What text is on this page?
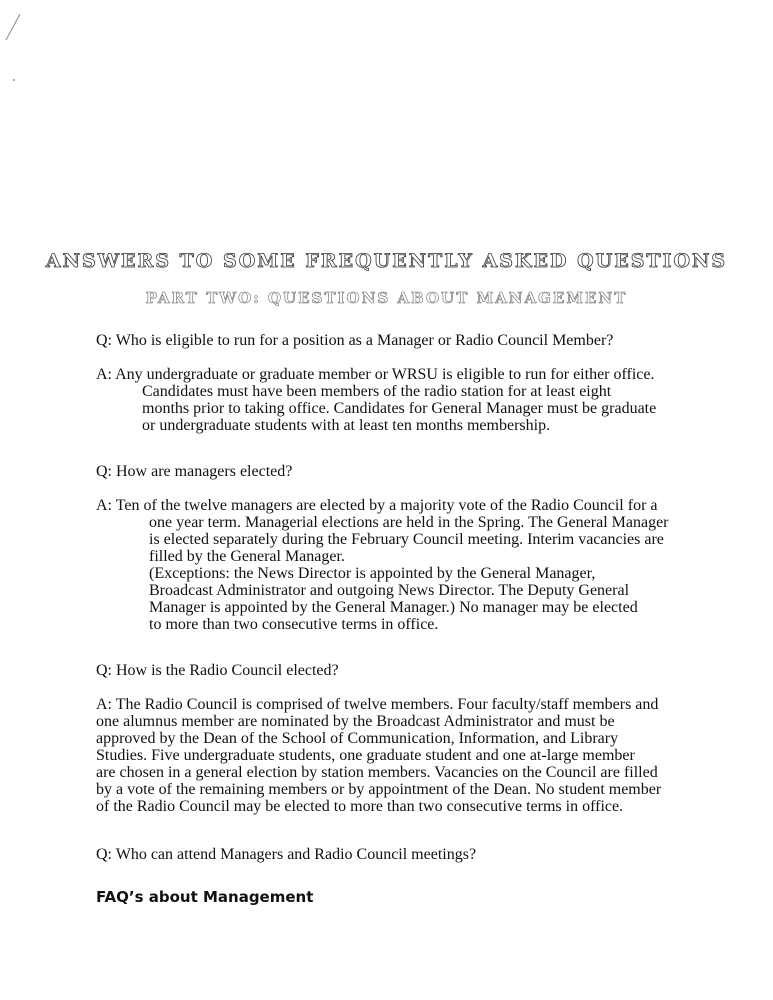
ANSWERS TO SOME FREQUENTLY ASKED QUESTIONS
PART TWO: QUESTIONS ABOUT MANAGEMENT

Q: Who is eligible to run for a position as a Manager or Radio Council Member?

A: Any undergraduate or graduate member or WRSU is eligible to run for either office.
Candidates must have been members of the radio station for at least eight
months prior to taking office. Candidates for General Manager must be graduate
or undergraduate students with at least ten months membership.

Q: How are managers elected?

A: Ten of the twelve managers are elected by a majority vote of the Radio Council for a
one year term. Managerial elections are held in the Spring. The General Manager
is elected separately during the February Council meeting. Interim vacancies are
filled by the General Manager.
(Exceptions: the News Director is appointed by the General Manager,
Broadcast Administrator and outgoing News Director. The Deputy General
Manager is appointed by the General Manager.) No manager may be elected
to more than two consecutive terms in office.

Q: How is the Radio Council elected?

A: The Radio Council is comprised of twelve members. Four faculty/staff members and
one alumnus member are nominated by the Broadcast Administrator and must be
approved by the Dean of the School of Communication, Information, and Library
Studies. Five undergraduate students, one graduate student and one at-large member
are chosen in a general election by station members. Vacancies on the Council are filled
by a vote of the remaining members or by appointment of the Dean. No student member
of the Radio Council may be elected to more than two consecutive terms in office.

Q: Who can attend Managers and Radio Council meetings?

FAQ’s about Management
